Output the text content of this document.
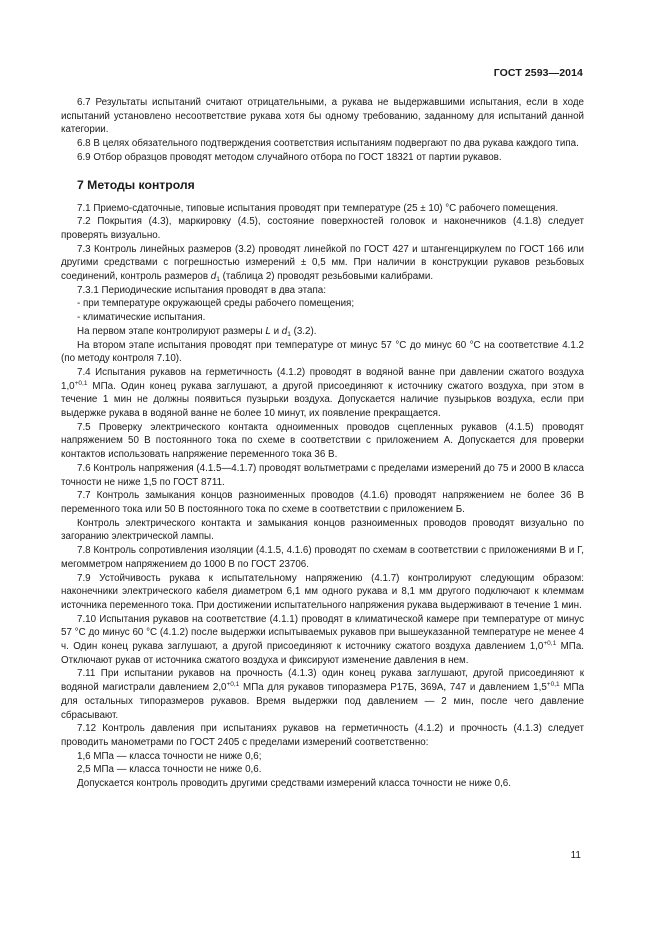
ГОСТ 2593—2014

6.7 Результаты испытаний считают отрицательными, а рукава не выдержавшими испытания, если в ходе испытаний установлено несоответствие рукава хотя бы одному требованию, заданному для испытаний данной категории.

6.8 В целях обязательного подтверждения соответствия испытаниям подвергают по два рукава каждого типа.

6.9 Отбор образцов проводят методом случайного отбора по ГОСТ 18321 от партии рукавов.

7 Методы контроля

7.1 Приемо-сдаточные, типовые испытания проводят при температуре (25 ± 10) °С рабочего помещения.

7.2 Покрытия (4.3), маркировку (4.5), состояние поверхностей головок и наконечников (4.1.8) следует проверять визуально.

7.3 Контроль линейных размеров (3.2) проводят линейкой по ГОСТ 427 и штангенциркулем по ГОСТ 166 или другими средствами с погрешностью измерений ± 0,5 мм. При наличии в конструкции рукавов резьбовых соединений, контроль размеров $d_1$ (таблица 2) проводят резьбовыми калибрами.

7.3.1 Периодические испытания проводят в два этапа:

- при температуре окружающей среды рабочего помещения;

- климатические испытания.

На первом этапе контролируют размеры L и $d_1$ (3.2).

На втором этапе испытания проводят при температуре от минус 57 °С до минус 60 °С на соответствие 4.1.2 (по методу контроля 7.10).

7.4 Испытания рукавов на герметичность (4.1.2) проводят в водяной ванне при давлении сжатого воздуха $1,0^{+0,1}$ МПа. Один конец рукава заглушают, а другой присоединяют к источнику сжатого воздуха, при этом в течение 1 мин не должны появиться пузырьки воздуха. Допускается наличие пузырьков воздуха, если при выдержке рукава в водяной ванне не более 10 минут, их появление прекращается.

7.5 Проверку электрического контакта одноименных проводов сцепленных рукавов (4.1.5) проводят напряжением 50 В постоянного тока по схеме в соответствии с приложением А. Допускается для проверки контактов использовать напряжение переменного тока 36 В.

7.6 Контроль напряжения (4.1.5—4.1.7) проводят вольтметрами с пределами измерений до 75 и 2000 В класса точности не ниже 1,5 по ГОСТ 8711.

7.7 Контроль замыкания концов разноименных проводов (4.1.6) проводят напряжением не более 36 В переменного тока или 50 В постоянного тока по схеме в соответствии с приложением Б.

Контроль электрического контакта и замыкания концов разноименных проводов проводят визуально по загоранию электрической лампы.

7.8 Контроль сопротивления изоляции (4.1.5, 4.1.6) проводят по схемам в соответствии с приложениями В и Г, мегомметром напряжением до 1000 В по ГОСТ 23706.

7.9 Устойчивость рукава к испытательному напряжению (4.1.7) контролируют следующим образом: наконечники электрического кабеля диаметром 6,1 мм одного рукава и 8,1 мм другого подключают к клеммам источника переменного тока. При достижении испытательного напряжения рукава выдерживают в течение 1 мин.

7.10 Испытания рукавов на соответствие (4.1.1) проводят в климатической камере при температуре от минус 57 °С до минус 60 °С (4.1.2) после выдержки испытываемых рукавов при вышеуказанной температуре не менее 4 ч. Один конец рукава заглушают, а другой присоединяют к источнику сжатого воздуха давлением $1,0^{+0,1}$ МПа. Отключают рукав от источника сжатого воздуха и фиксируют изменение давления в нем.

7.11 При испытании рукавов на прочность (4.1.3) один конец рукава заглушают, другой присоединяют к водяной магистрали давлением $2,0^{+0,1}$ МПа для рукавов типоразмера Р17Б, 369А, 747 и давлением $1,5^{+0,1}$ МПа для остальных типоразмеров рукавов. Время выдержки под давлением — 2 мин, после чего давление сбрасывают.

7.12 Контроль давления при испытаниях рукавов на герметичность (4.1.2) и прочность (4.1.3) следует проводить манометрами по ГОСТ 2405 с пределами измерений соответственно:

1,6 МПа — класса точности не ниже 0,6;

2,5 МПа — класса точности не ниже 0,6.

Допускается контроль проводить другими средствами измерений класса точности не ниже 0,6.

11
